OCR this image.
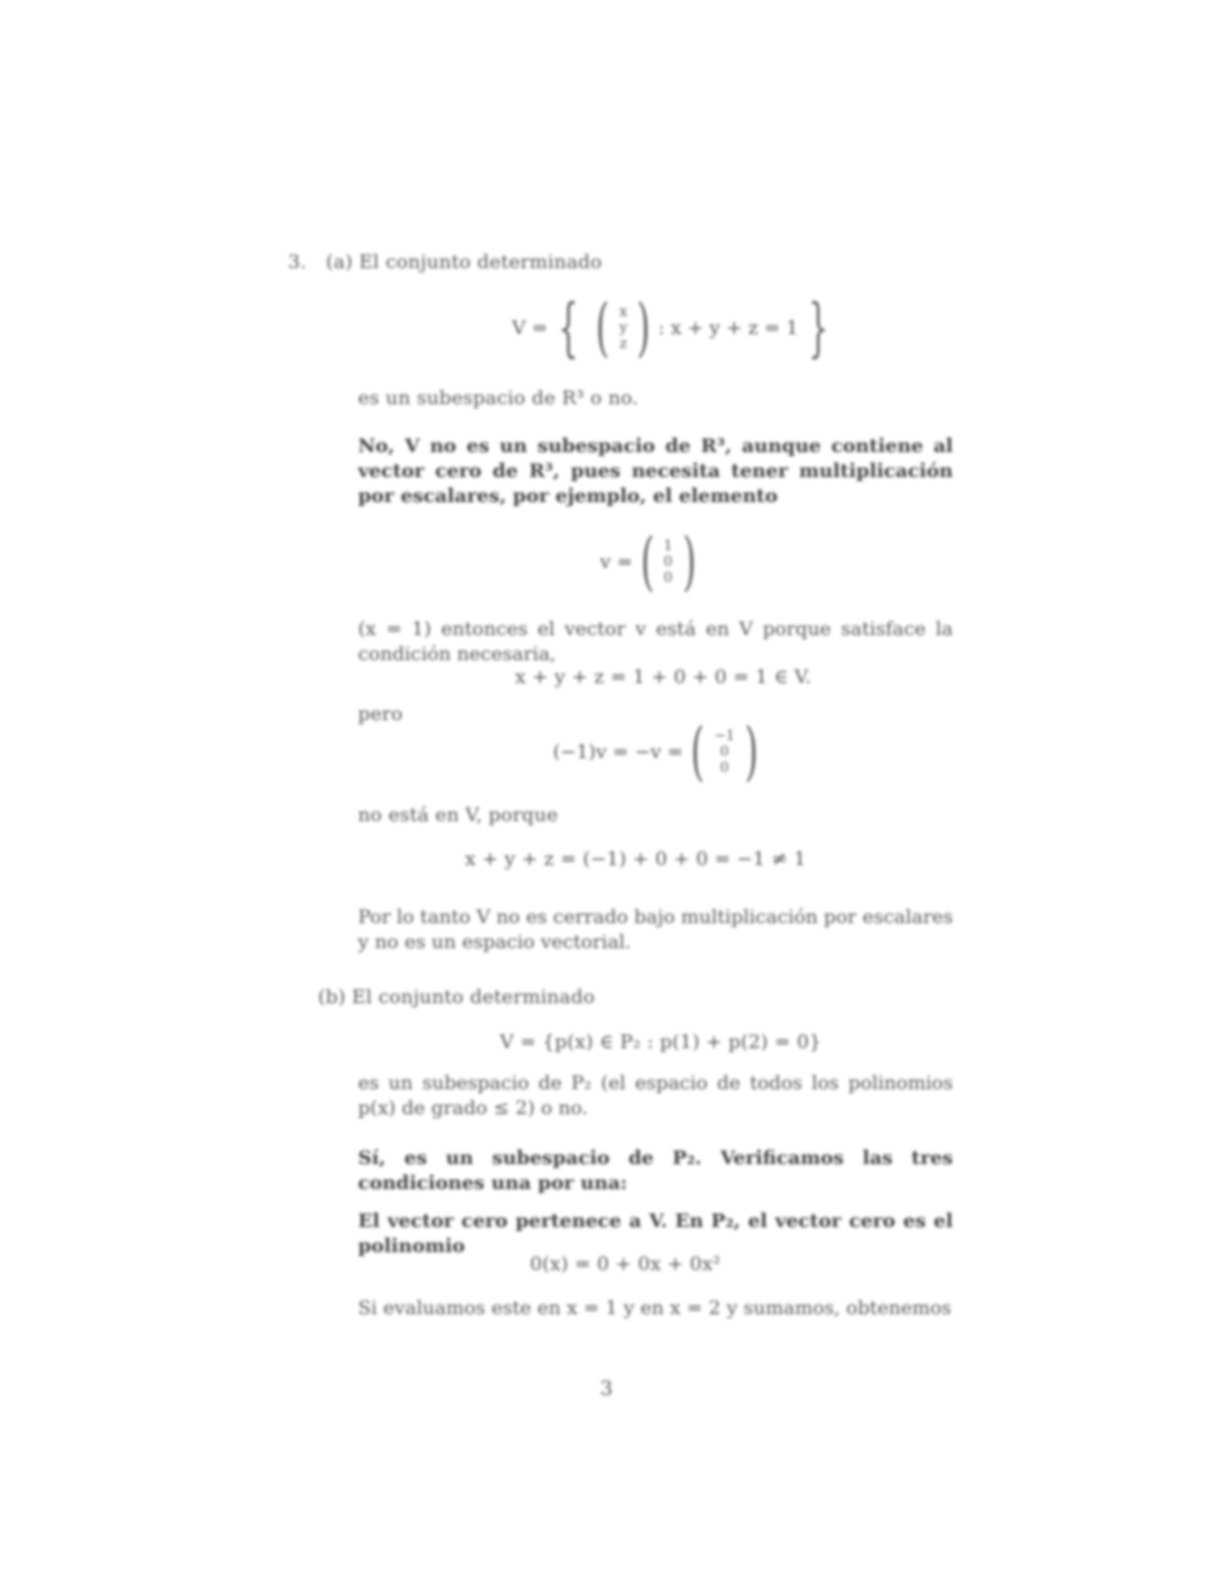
3. (a) El conjunto determinado
V = { ( x
y
z ) : x + y + z = 1 }
es un subespacio de R³ o no.
No, V no es un subespacio de R³, aunque contiene al vector cero de R³, pues necesita tener multiplicación por escalares, por ejemplo, el elemento
v = ( 1
0
0 )
(x = 1) entonces el vector v está en V porque satisface la condición necesaria,
x + y + z = 1 + 0 + 0 = 1 ∈ V.
pero
(−1)v = −v = ( −1
0
0 )
no está en V, porque
x + y + z = (−1) + 0 + 0 = −1 ≠ 1
Por lo tanto V no es cerrado bajo multiplicación por escalares y no es un espacio vectorial.
(b) El conjunto determinado
V = {p(x) ∈ P₂ : p(1) + p(2) = 0}
es un subespacio de P₂ (el espacio de todos los polinomios p(x) de grado ≤ 2) o no.
Sí, es un subespacio de P₂. Verificamos las tres condiciones una por una:
El vector cero pertenece a V. En P₂, el vector cero es el polinomio
0(x) = 0 + 0x + 0x²
Si evaluamos este en x = 1 y en x = 2 y sumamos, obtenemos
3
